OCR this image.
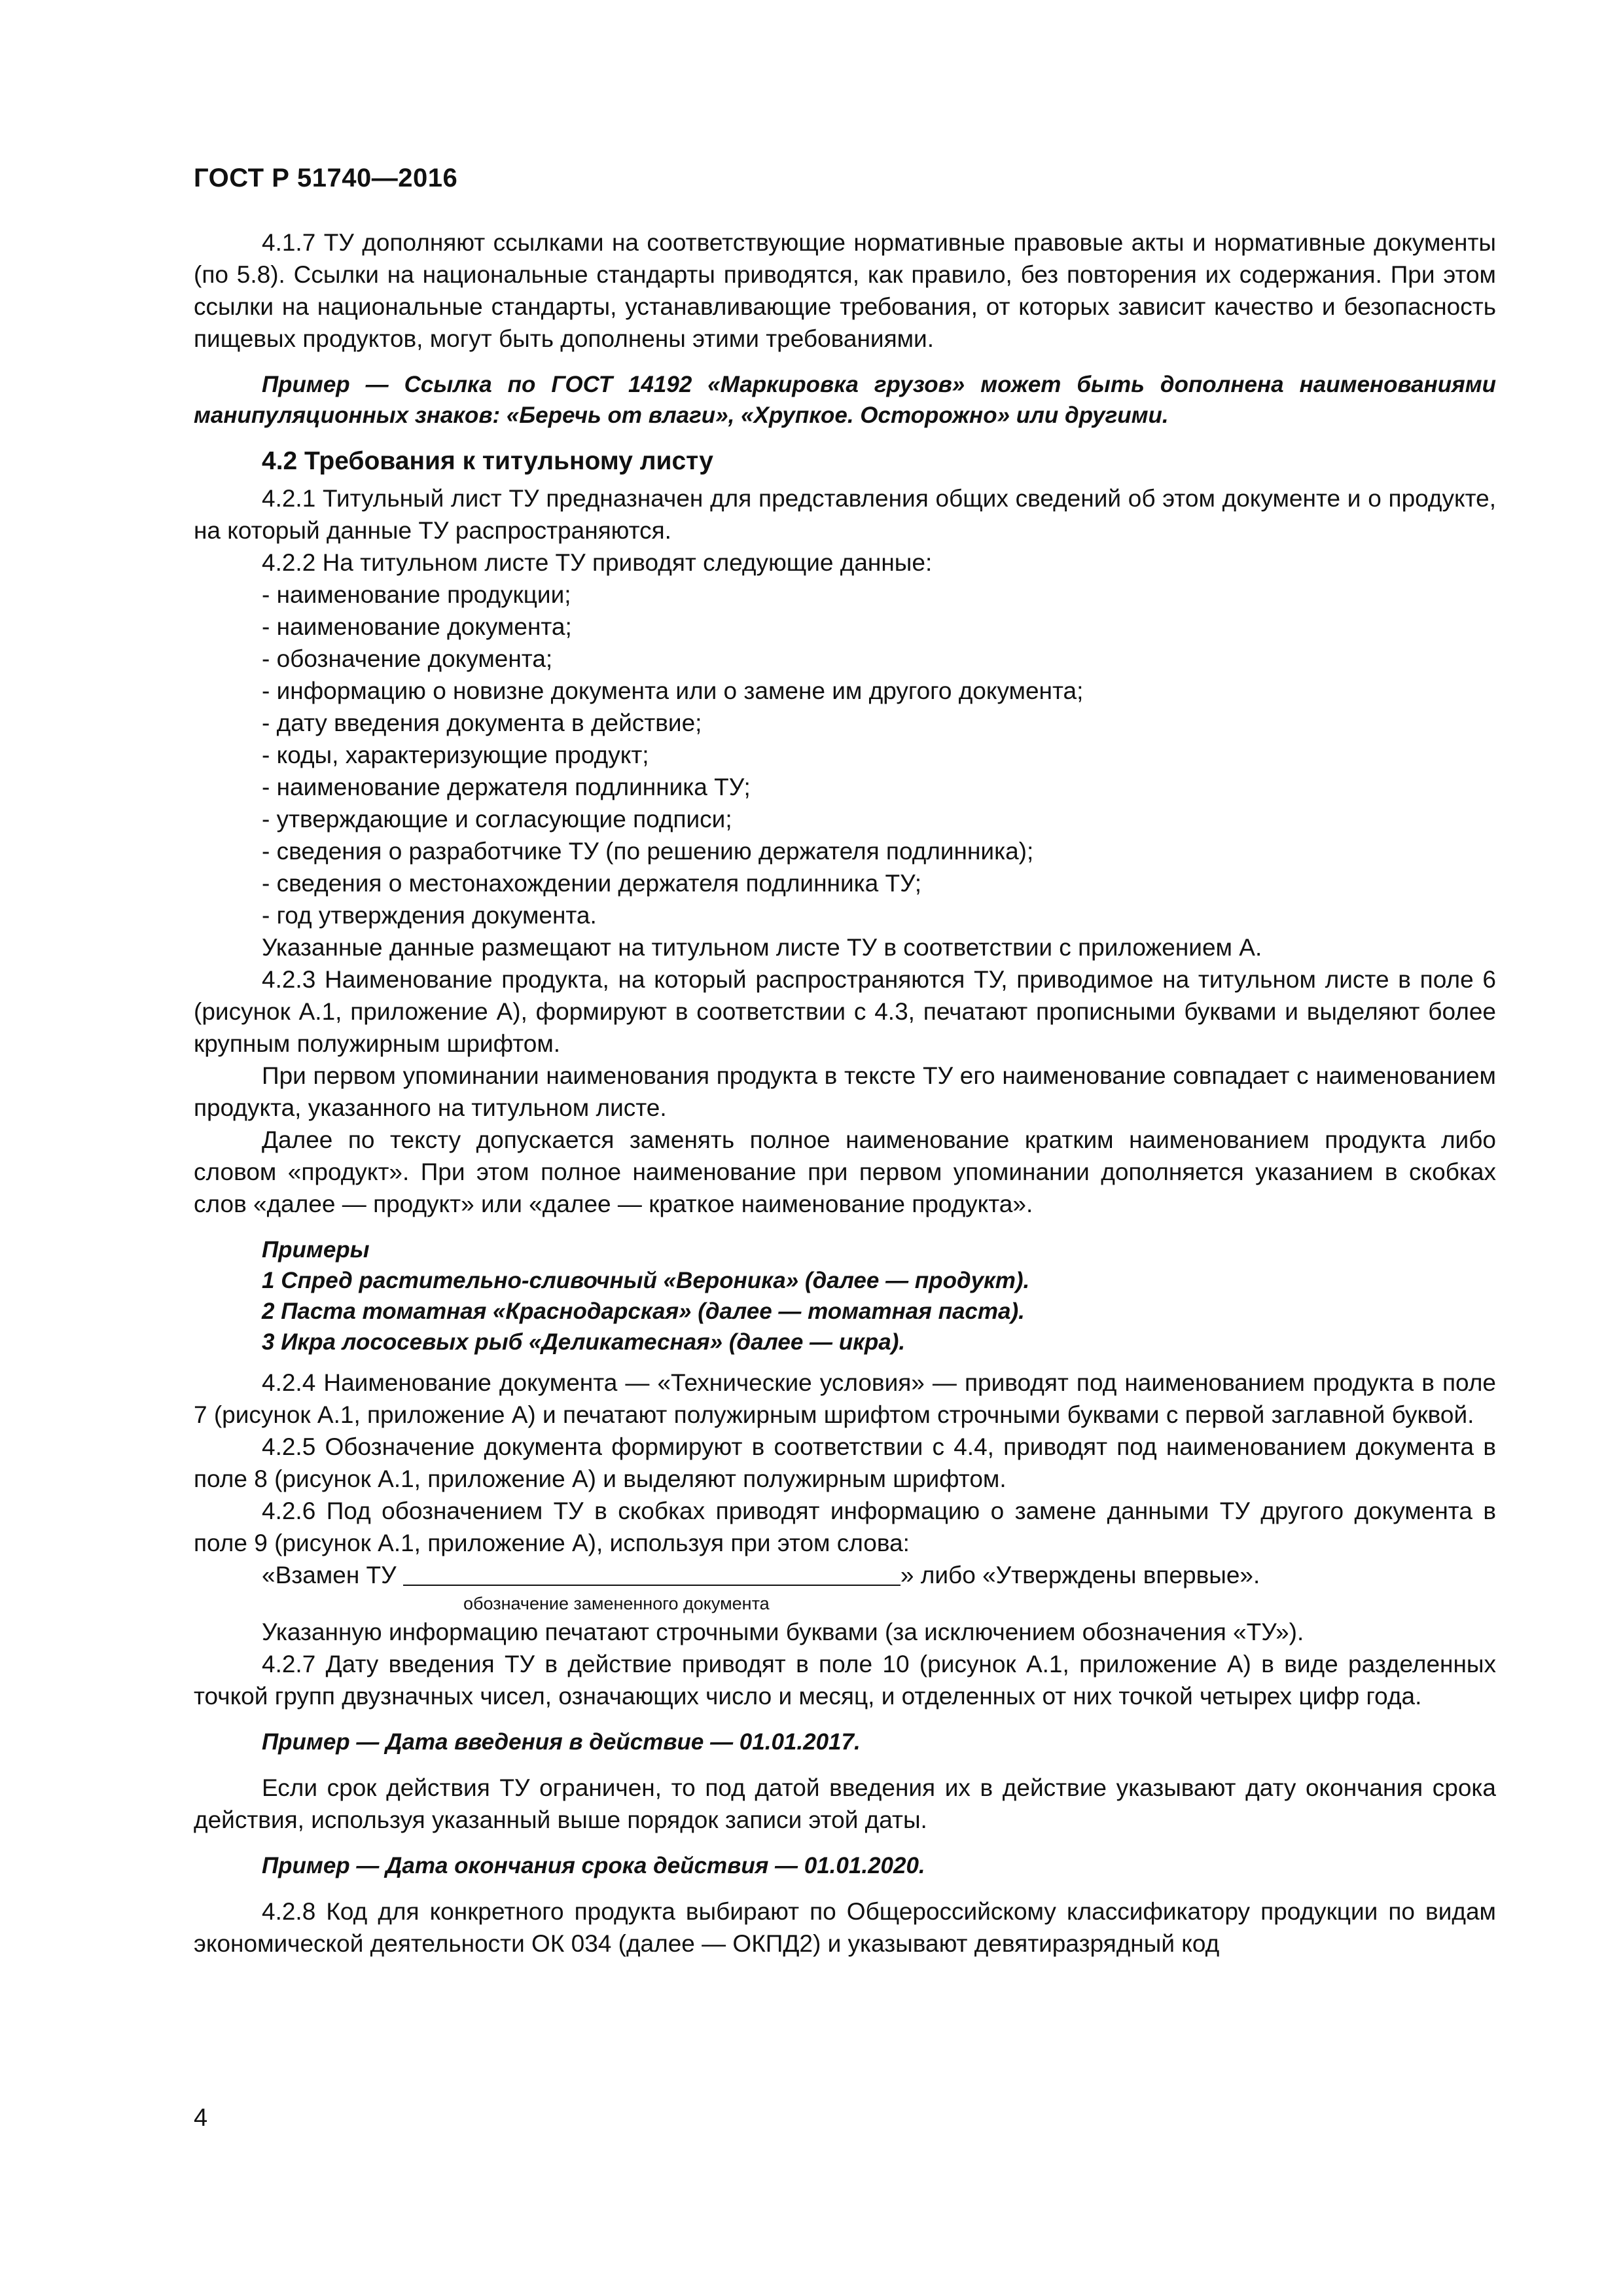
ГОСТ Р 51740—2016

4.1.7 ТУ дополняют ссылками на соответствующие нормативные правовые акты и нормативные документы (по 5.8). Ссылки на национальные стандарты приводятся, как правило, без повторения их содержания. При этом ссылки на национальные стандарты, устанавливающие требования, от которых зависит качество и безопасность пищевых продуктов, могут быть дополнены этими требованиями.

Пример — Ссылка по ГОСТ 14192 «Маркировка грузов» может быть дополнена наименованиями манипуляционных знаков: «Беречь от влаги», «Хрупкое. Осторожно» или другими.

4.2 Требования к титульному листу

4.2.1 Титульный лист ТУ предназначен для представления общих сведений об этом документе и о продукте, на который данные ТУ распространяются.

4.2.2 На титульном листе ТУ приводят следующие данные:

- наименование продукции;

- наименование документа;

- обозначение документа;

- информацию о новизне документа или о замене им другого документа;

- дату введения документа в действие;

- коды, характеризующие продукт;

- наименование держателя подлинника ТУ;

- утверждающие и согласующие подписи;

- сведения о разработчике ТУ (по решению держателя подлинника);

- сведения о местонахождении держателя подлинника ТУ;

- год утверждения документа.

Указанные данные размещают на титульном листе ТУ в соответствии с приложением А.

4.2.3 Наименование продукта, на который распространяются ТУ, приводимое на титульном листе в поле 6 (рисунок А.1, приложение А), формируют в соответствии с 4.3, печатают прописными буквами и выделяют более крупным полужирным шрифтом.

При первом упоминании наименования продукта в тексте ТУ его наименование совпадает с наименованием продукта, указанного на титульном листе.

Далее по тексту допускается заменять полное наименование кратким наименованием продукта либо словом «продукт». При этом полное наименование при первом упоминании дополняется указанием в скобках слов «далее — продукт» или «далее — краткое наименование продукта».

Примеры

1 Спред растительно-сливочный «Вероника» (далее — продукт).

2 Паста томатная «Краснодарская» (далее — томатная паста).

3 Икра лососевых рыб «Деликатесная» (далее — икра).

4.2.4 Наименование документа — «Технические условия» — приводят под наименованием продукта в поле 7 (рисунок А.1, приложение А) и печатают полужирным шрифтом строчными буквами с первой заглавной буквой.

4.2.5 Обозначение документа формируют в соответствии с 4.4, приводят под наименованием документа в поле 8 (рисунок А.1, приложение А) и выделяют полужирным шрифтом.

4.2.6 Под обозначением ТУ в скобках приводят информацию о замене данными ТУ другого документа в поле 9 (рисунок А.1, приложение А), используя при этом слова:

«Взамен ТУ	» либо «Утверждены впервые».

обозначение замененного документа

Указанную информацию печатают строчными буквами (за исключением обозначения «ТУ»).

4.2.7 Дату введения ТУ в действие приводят в поле 10 (рисунок А.1, приложение А) в виде разделенных точкой групп двузначных чисел, означающих число и месяц, и отделенных от них точкой четырех цифр года.

Пример — Дата введения в действие — 01.01.2017.

Если срок действия ТУ ограничен, то под датой введения их в действие указывают дату окончания срока действия, используя указанный выше порядок записи этой даты.

Пример — Дата окончания срока действия — 01.01.2020.

4.2.8 Код для конкретного продукта выбирают по Общероссийскому классификатору продукции по видам экономической деятельности ОК 034 (далее — ОКПД2) и указывают девятиразрядный код

4
